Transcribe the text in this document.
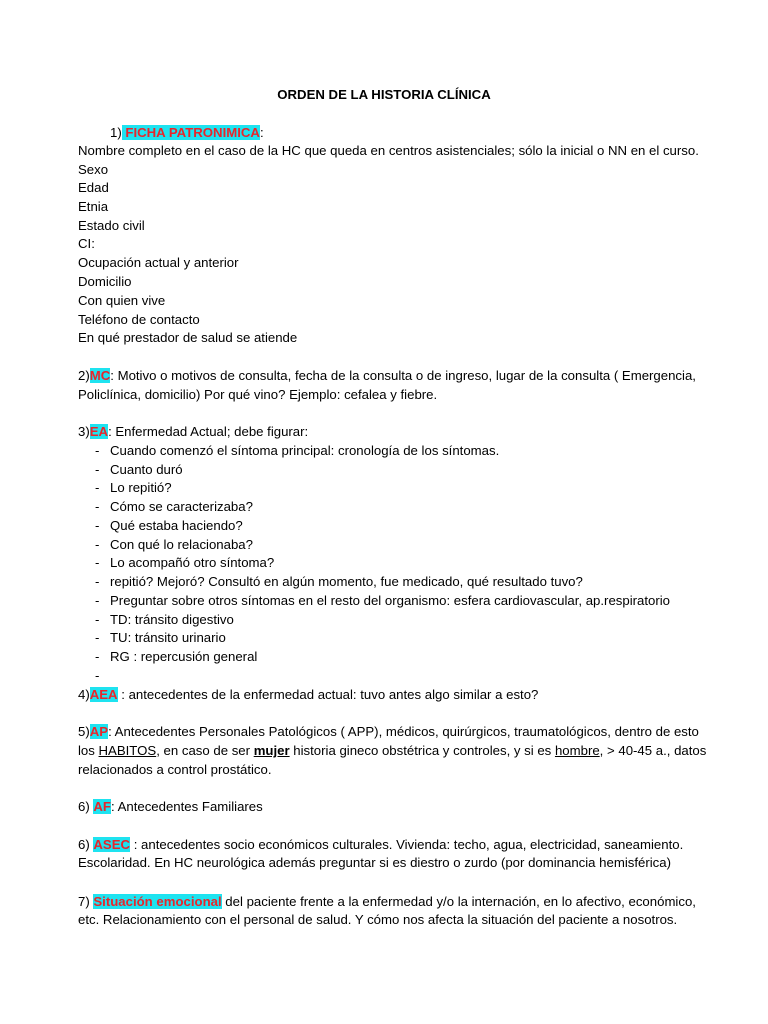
ORDEN DE LA HISTORIA CLÍNICA
1) FICHA PATRONIMICA:
Nombre completo en el caso de la HC que queda en centros asistenciales; sólo la inicial o NN en el curso.
Sexo
Edad
Etnia
Estado civil
CI:
Ocupación actual y anterior
Domicilio
Con quien vive
Teléfono de contacto
En qué prestador de salud se atiende
2)MC: Motivo o motivos de consulta, fecha de la consulta o de ingreso, lugar de la consulta ( Emergencia,
Policlínica, domicilio) Por qué vino? Ejemplo: cefalea y fiebre.
3)EA: Enfermedad Actual; debe figurar:
- Cuando comenzó el síntoma principal: cronología de los síntomas.
- Cuanto duró
- Lo repitió?
- Cómo se caracterizaba?
- Qué estaba haciendo?
- Con qué lo relacionaba?
- Lo acompañó otro síntoma?
- repitió? Mejoró? Consultó en algún momento, fue medicado, qué resultado tuvo?
- Preguntar sobre otros síntomas en el resto del organismo: esfera cardiovascular, ap.respiratorio
- TD: tránsito digestivo
- TU: tránsito urinario
- RG : repercusión general
-
4)AEA : antecedentes de la enfermedad actual: tuvo antes algo similar a esto?
5)AP: Antecedentes Personales Patológicos ( APP), médicos, quirúrgicos, traumatológicos, dentro de esto
los HABITOS, en caso de ser mujer historia gineco obstétrica y controles, y si es hombre, > 40-45 a., datos
relacionados a control prostático.
6) AF: Antecedentes Familiares
6) ASEC : antecedentes socio económicos culturales. Vivienda: techo, agua, electricidad, saneamiento.
Escolaridad. En HC neurológica además preguntar si es diestro o zurdo (por dominancia hemisférica)
7) Situación emocional del paciente frente a la enfermedad y/o la internación, en lo afectivo, económico,
etc. Relacionamiento con el personal de salud. Y cómo nos afecta la situación del paciente a nosotros.
